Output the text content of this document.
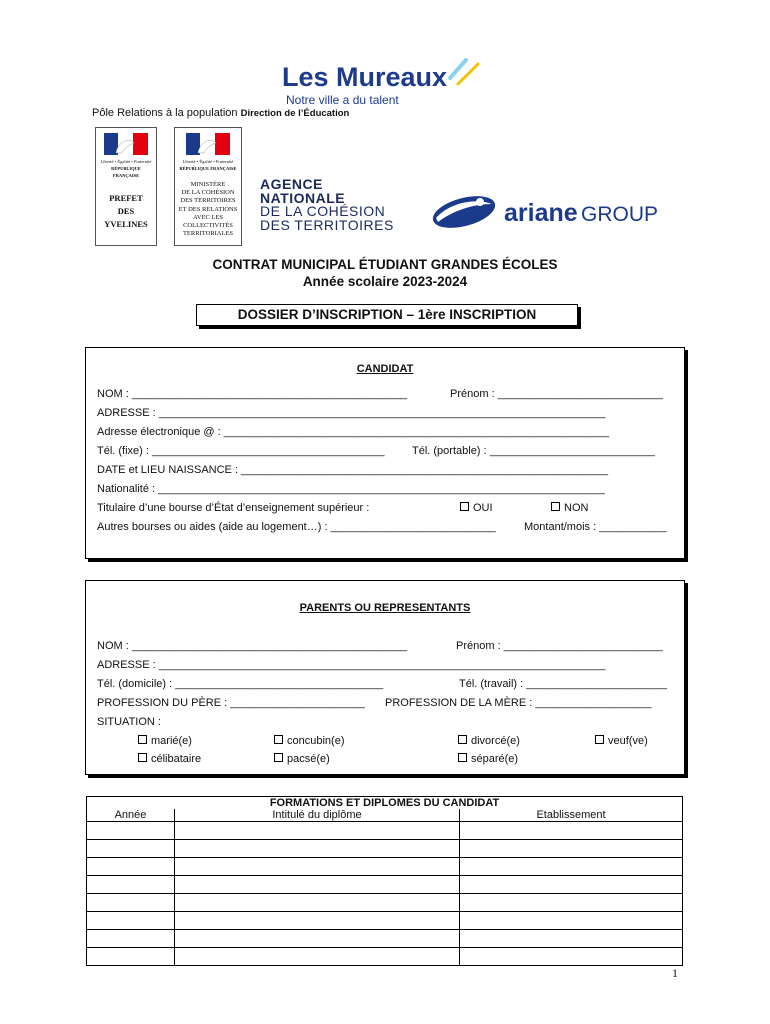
Les Mureaux
Notre ville a du talent
Pôle Relations à la population Direction de l’Éducation
Liberté • Égalité • Fraternité
RÉPUBLIQUE FRANÇAISE
PREFET
DES
YVELINES
Liberté • Égalité • Fraternité
RÉPUBLIQUE FRANÇAISE
MINISTÈRE
DE LA COHÉSION
DES TERRITOIRES
ET DES RELATIONS
AVEC LES
COLLECTIVITÉS
TERRITORIALES
AGENCE
NATIONALE
DE LA COHÉSION
DES TERRITOIRES	ariane GROUP
CONTRAT MUNICIPAL ÉTUDIANT GRANDES ÉCOLES
Année scolaire 2023-2024
DOSSIER D’INSCRIPTION – 1ère INSCRIPTION
CANDIDAT
NOM : _____________________________________________	Prénom : ___________________________
ADRESSE : _________________________________________________________________________
Adresse électronique @ : _______________________________________________________________
Tél. (fixe) : ______________________________________	Tél. (portable) : ___________________________
DATE et LIEU NAISSANCE : ____________________________________________________________
Nationalité : _________________________________________________________________________
Titulaire d’une bourse d’État d’enseignement supérieur :	OUI	NON
Autres bourses ou aides (aide au logement…) : ___________________________	Montant/mois : ___________
PARENTS OU REPRESENTANTS
NOM : _____________________________________________	Prénom : __________________________
ADRESSE : _________________________________________________________________________
Tél. (domicile) : __________________________________	Tél. (travail) : _______________________
PROFESSION DU PÈRE : ______________________ PROFESSION DE LA MÈRE : ___________________
SITUATION :
marié(e)	concubin(e)	divorcé(e)	veuf(ve)
célibataire	pacsé(e)	séparé(e)
FORMATIONS ET DIPLOMES DU CANDIDAT		
Année	Intitulé du diplôme	Etablissement

1
